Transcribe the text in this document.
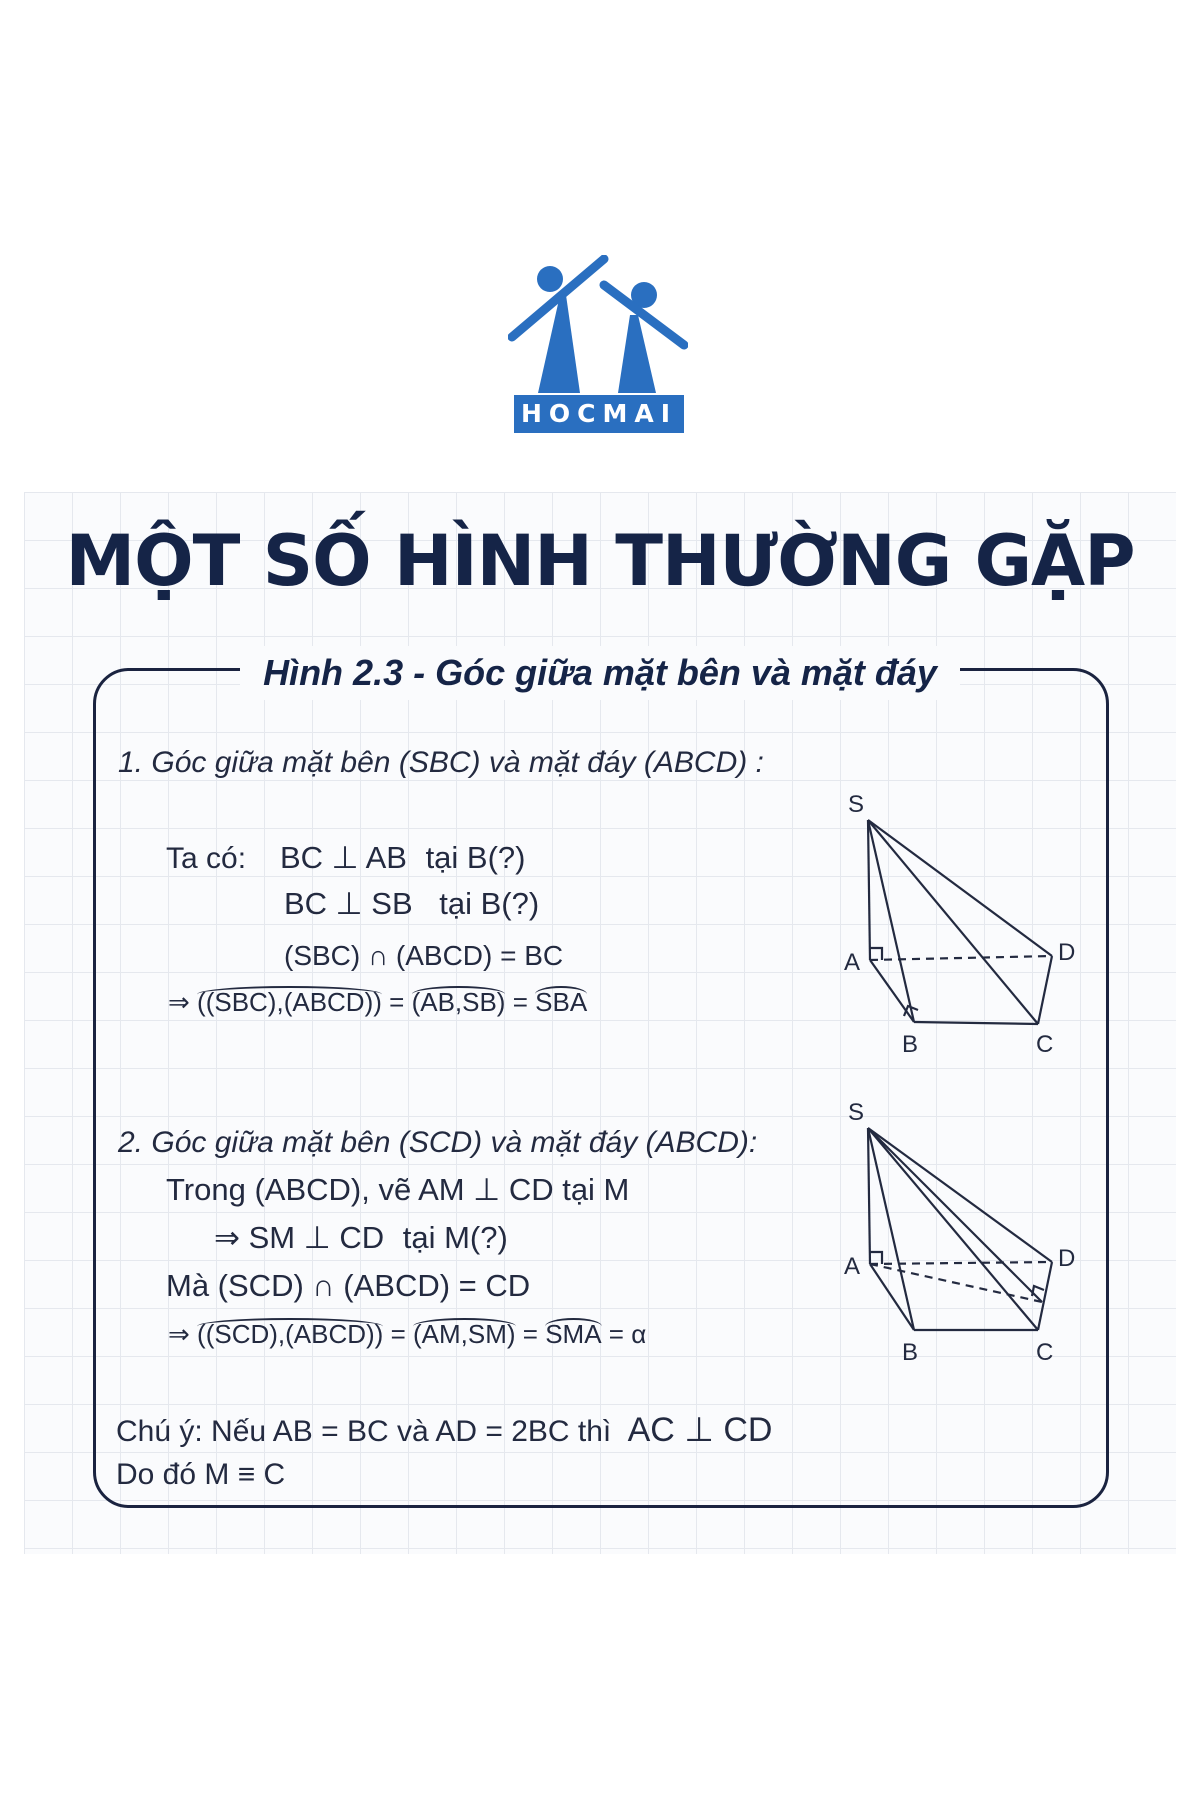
HOCMAI
MỘT SỐ HÌNH THƯỜNG GẶP
Hình 2.3 - Góc giữa mặt bên và mặt đáy
1. Góc giữa mặt bên (SBC) và mặt đáy (ABCD) :
Ta có: BC ⊥ AB tại B(?)
BC ⊥ SB tại B(?)
(SBC) ∩ (ABCD) = BC
⇒ ((SBC),(ABCD)) = (AB,SB) = SBA
S
A
B	C
D
2. Góc giữa mặt bên (SCD) và mặt đáy (ABCD):
Trong (ABCD), vẽ AM ⊥ CD tại M
⇒ SM ⊥ CD tại M(?)
Mà (SCD) ∩ (ABCD) = CD
⇒ ((SCD),(ABCD)) = (AM,SM) = SMA = α
S
A
B	C
D
Chú ý: Nếu AB = BC và AD = 2BC thì AC ⊥ CD
Do đó M ≡ C
